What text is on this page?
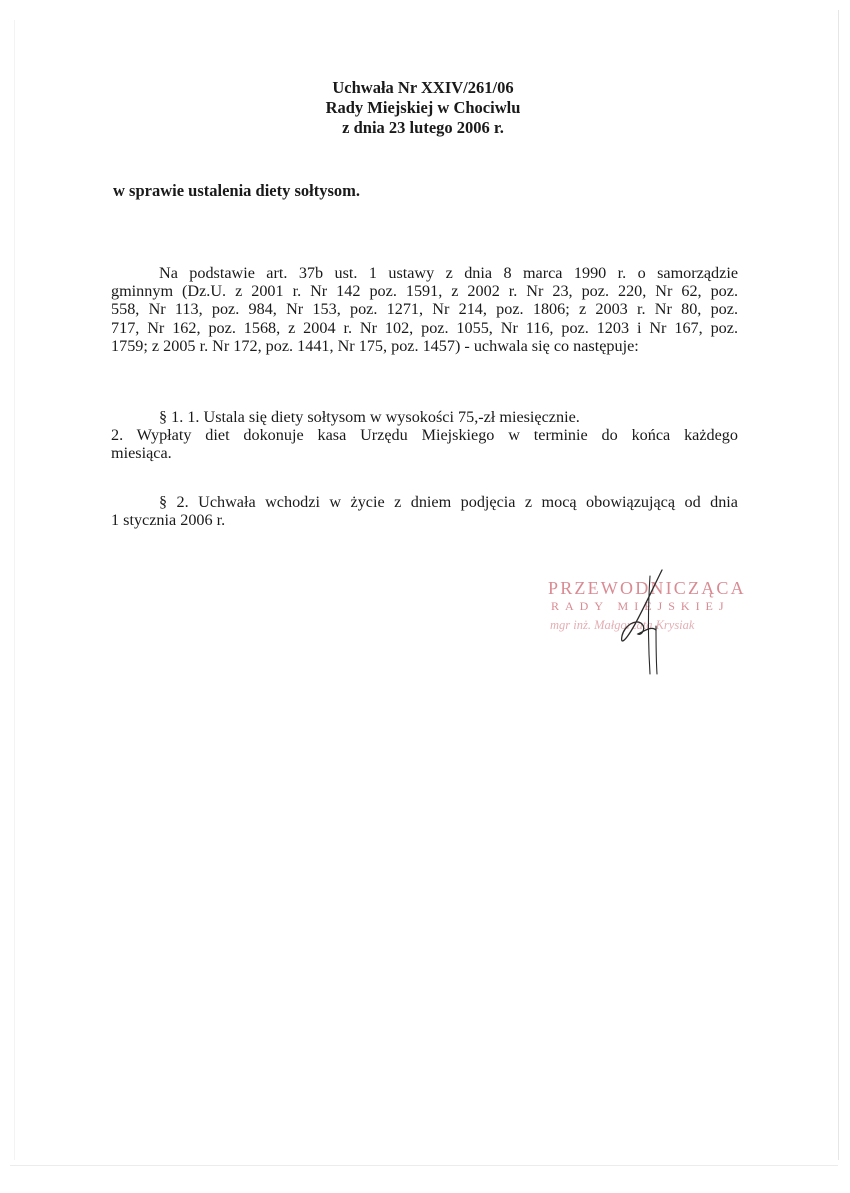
Uchwała Nr XXIV/261/06
Rady Miejskiej w Chociwlu
z dnia 23 lutego 2006 r.
w sprawie ustalenia diety sołtysom.
Na podstawie art. 37b ust. 1 ustawy z dnia 8 marca 1990 r. o samorządzie
gminnym (Dz.U. z 2001 r. Nr 142 poz. 1591, z 2002 r. Nr 23, poz. 220, Nr 62, poz.
558, Nr 113, poz. 984, Nr 153, poz. 1271, Nr 214, poz. 1806; z 2003 r. Nr 80, poz.
717, Nr 162, poz. 1568, z 2004 r. Nr 102, poz. 1055, Nr 116, poz. 1203 i Nr 167, poz.
1759; z 2005 r. Nr 172, poz. 1441, Nr 175, poz. 1457) - uchwala się co następuje:
§ 1. 1. Ustala się diety sołtysom w wysokości 75,-zł miesięcznie.
2. Wypłaty diet dokonuje kasa Urzędu Miejskiego w terminie do końca każdego
miesiąca.
§ 2. Uchwała wchodzi w życie z dniem podjęcia z mocą obowiązującą od dnia
1 stycznia 2006 r.
PRZEWODNICZĄCA
RADY MIEJSKIEJ
mgr inż. Małgorzata Krysiak
